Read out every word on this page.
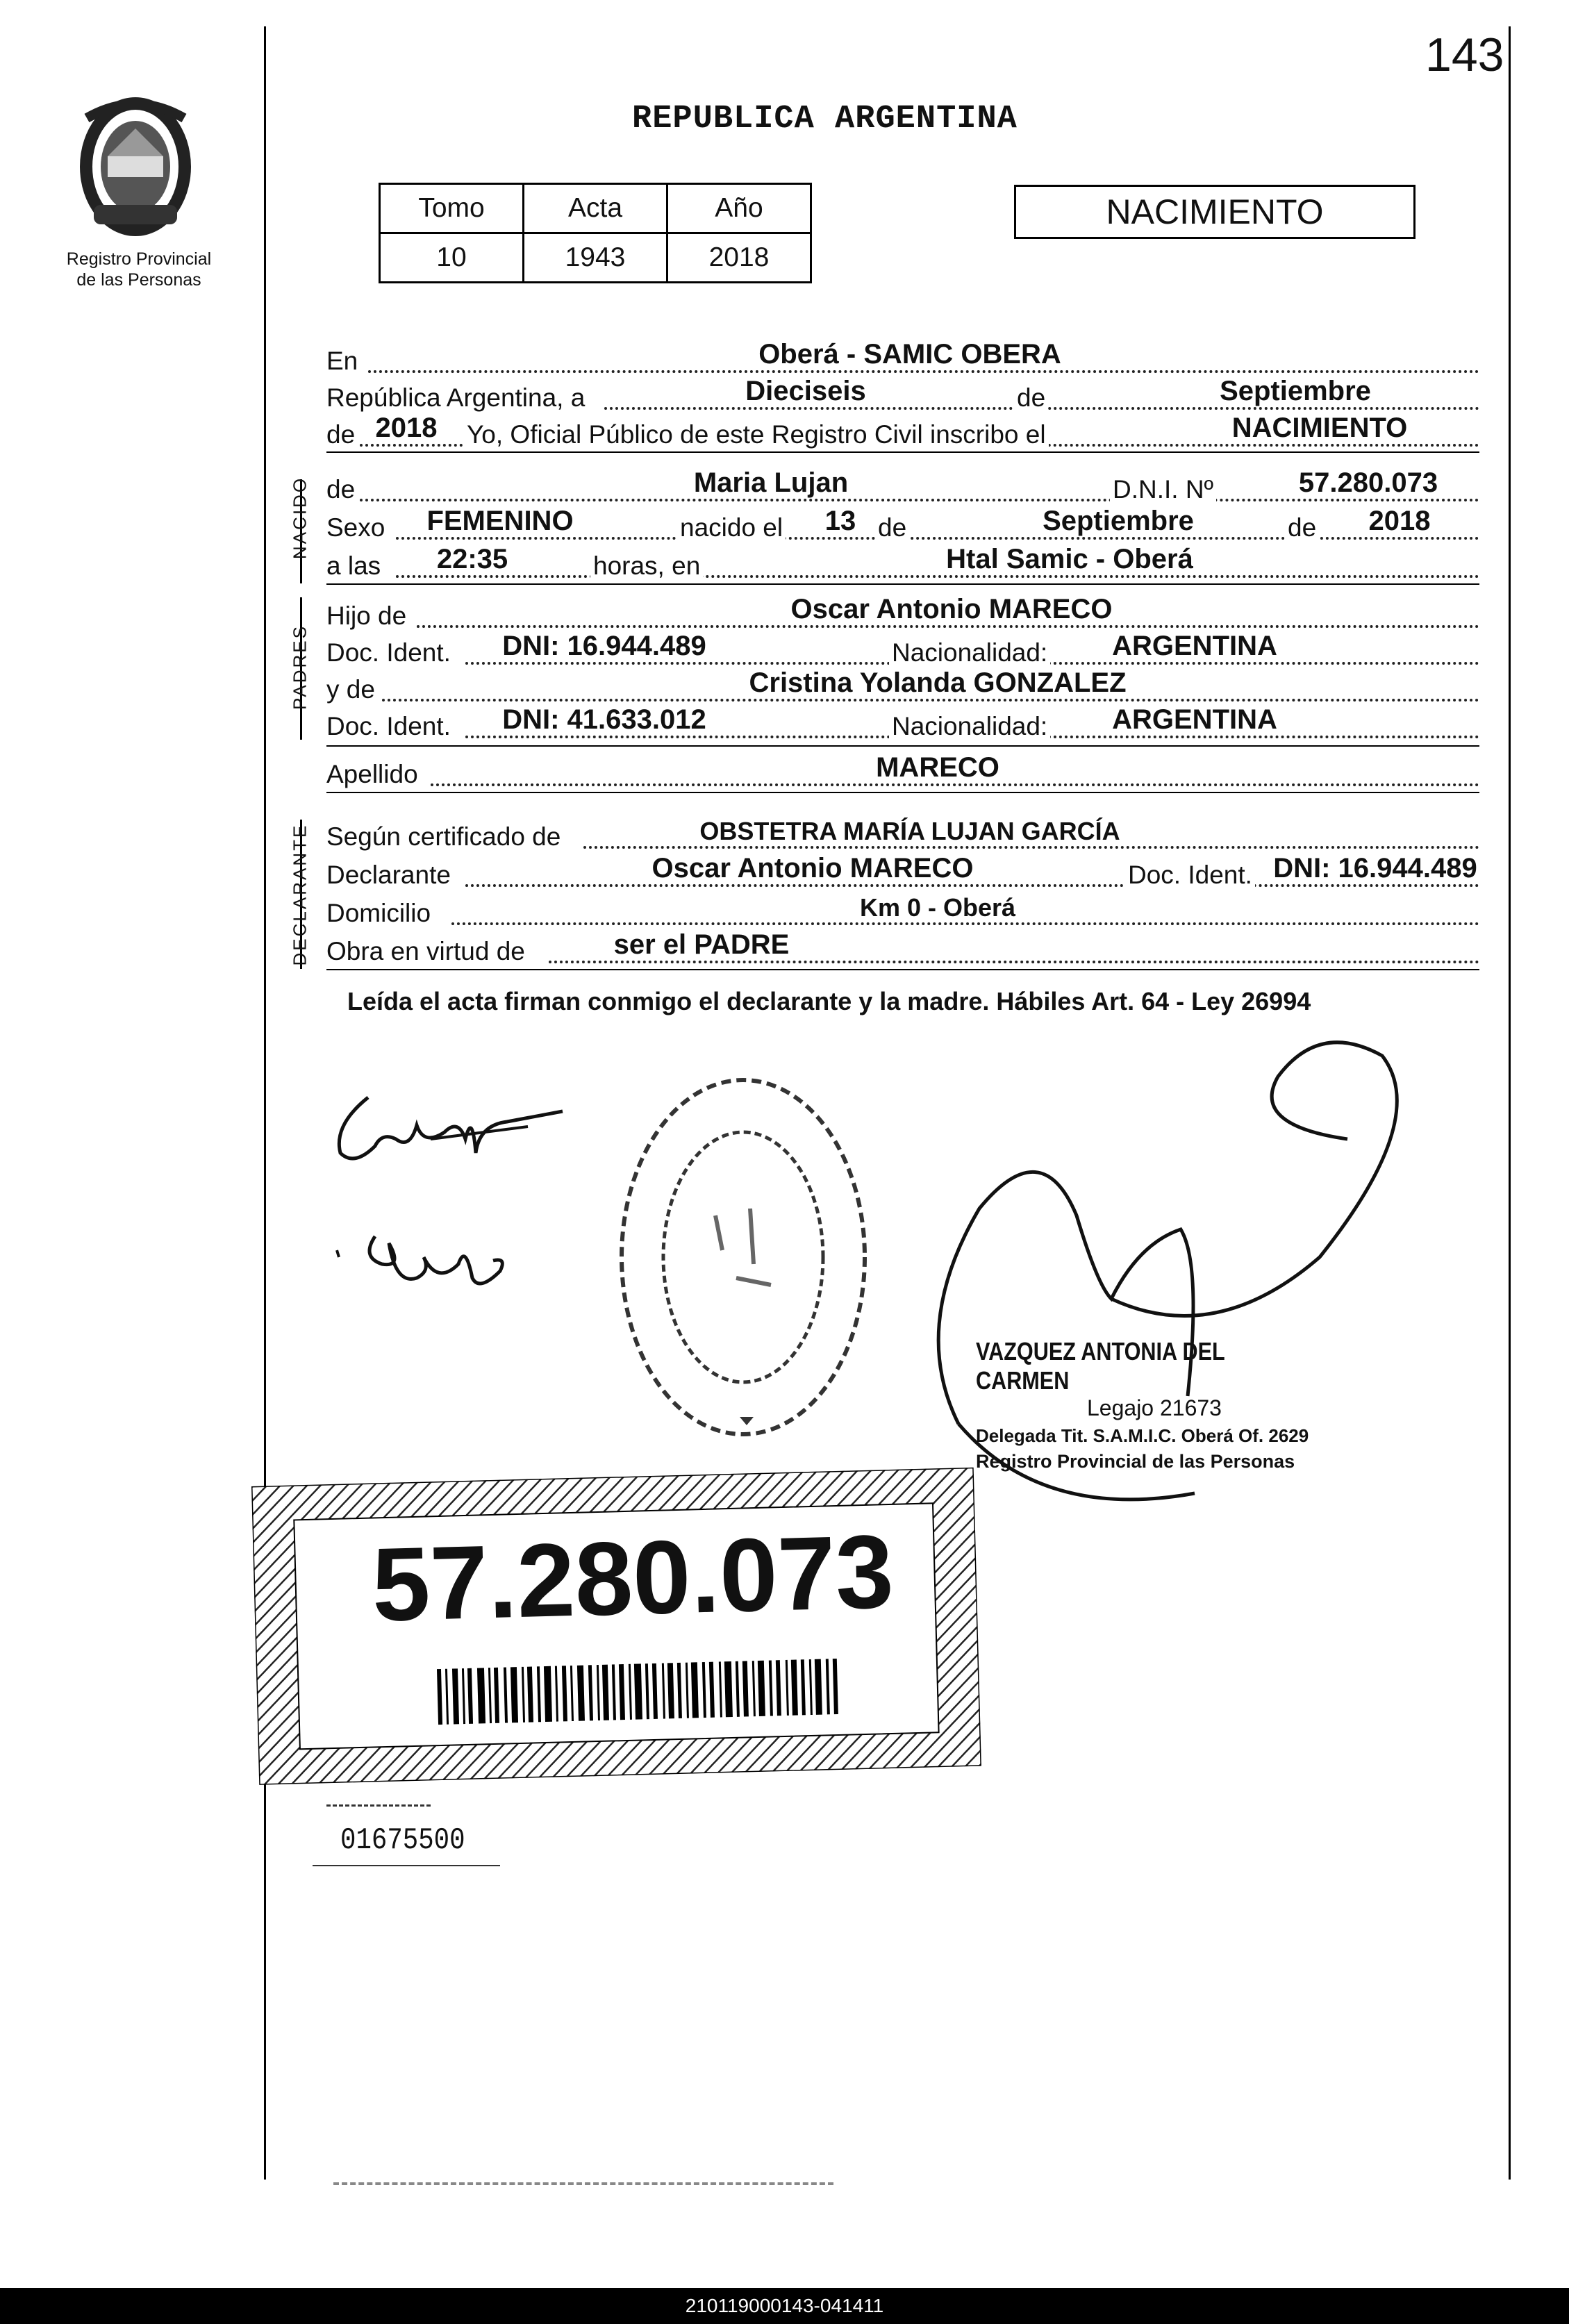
143
Registro Provincial
de las Personas
REPUBLICA ARGENTINA
Tomo	Acta	Año
10	1943	2018
NACIMIENTO
En	Oberá - SAMIC OBERA
República Argentina, a	Dieciseis	de	Septiembre
de 2018	Yo, Oficial Público de este Registro Civil inscribo el	NACIMIENTO
NACIDO de	Maria Lujan	D.N.I. Nº	57.280.073
Sexo	FEMENINO	nacido el	13 de	Septiembre	de	2018
a las	22:35	horas, en	Htal Samic - Oberá
PADRES
Hijo de	Oscar Antonio MARECO
Doc. Ident.	DNI: 16.944.489	Nacionalidad: ARGENTINA
y de	Cristina Yolanda GONZALEZ
Doc. Ident.	DNI: 41.633.012	Nacionalidad: ARGENTINA
Apellido	MARECO
DECLARANTE Según certificado de	OBSTETRA MARÍA LUJAN GARCÍA
Declarante	Oscar Antonio MARECO	Doc. Ident. DNI: 16.944.489
Domicilio	Km 0 - Oberá
Obra en virtud de	ser el PADRE
Leída el acta firman conmigo el declarante y la madre. Hábiles Art. 64 - Ley 26994
VAZQUEZ ANTONIA DEL CARMEN
Legajo 21673
Delegada Tit. S.A.M.I.C. Oberá Of. 2629
Registro Provincial de las Personas
57.280.073
01675500
210119000143-041411
